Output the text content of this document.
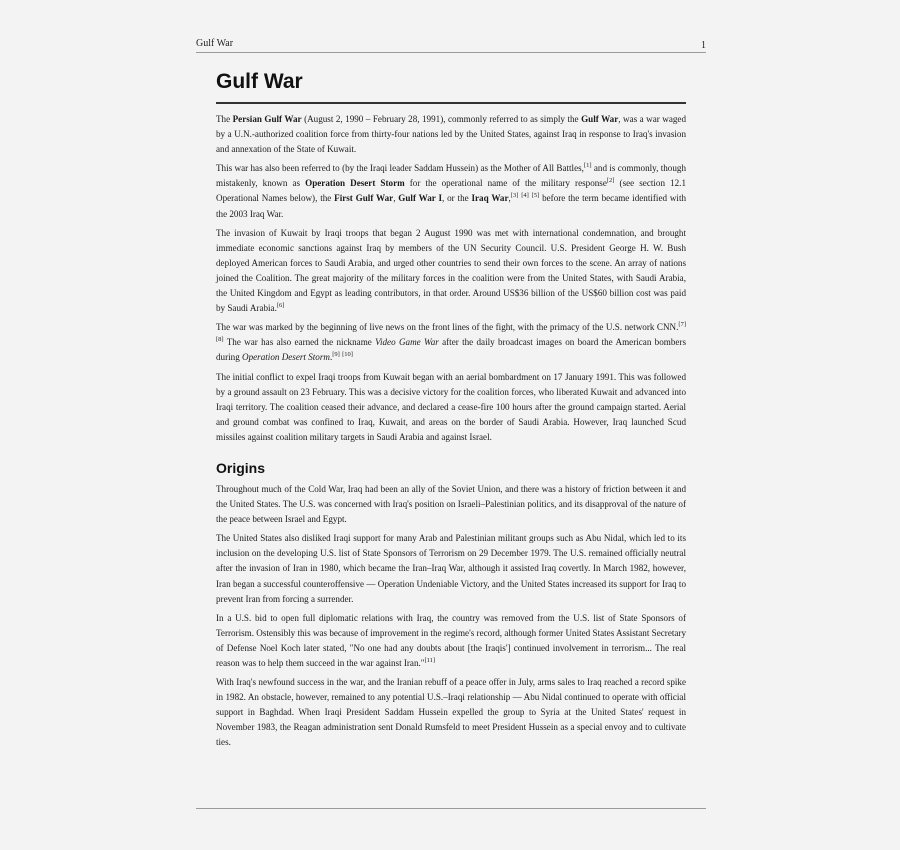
Gulf War	1
Gulf War

The Persian Gulf War (August 2, 1990 – February 28, 1991), commonly referred to as simply the Gulf War, was a war waged by a U.N.-authorized coalition force from thirty-four nations led by the United States, against Iraq in response to Iraq's invasion and annexation of the State of Kuwait.

This war has also been referred to (by the Iraqi leader Saddam Hussein) as the Mother of All Battles,[1] and is commonly, though mistakenly, known as Operation Desert Storm for the operational name of the military response[2] (see section 12.1 Operational Names below), the First Gulf War, Gulf War I, or the Iraq War,[3] [4] [5] before the term became identified with the 2003 Iraq War.

The invasion of Kuwait by Iraqi troops that began 2 August 1990 was met with international condemnation, and brought immediate economic sanctions against Iraq by members of the UN Security Council. U.S. President George H. W. Bush deployed American forces to Saudi Arabia, and urged other countries to send their own forces to the scene. An array of nations joined the Coalition. The great majority of the military forces in the coalition were from the United States, with Saudi Arabia, the United Kingdom and Egypt as leading contributors, in that order. Around US$36 billion of the US$60 billion cost was paid by Saudi Arabia.[6]

The war was marked by the beginning of live news on the front lines of the fight, with the primacy of the U.S. network CNN.[7] [8] The war has also earned the nickname Video Game War after the daily broadcast images on board the American bombers during Operation Desert Storm.[9] [10]

The initial conflict to expel Iraqi troops from Kuwait began with an aerial bombardment on 17 January 1991. This was followed by a ground assault on 23 February. This was a decisive victory for the coalition forces, who liberated Kuwait and advanced into Iraqi territory. The coalition ceased their advance, and declared a cease-fire 100 hours after the ground campaign started. Aerial and ground combat was confined to Iraq, Kuwait, and areas on the border of Saudi Arabia. However, Iraq launched Scud missiles against coalition military targets in Saudi Arabia and against Israel.

Origins

Throughout much of the Cold War, Iraq had been an ally of the Soviet Union, and there was a history of friction between it and the United States. The U.S. was concerned with Iraq's position on Israeli–Palestinian politics, and its disapproval of the nature of the peace between Israel and Egypt.

The United States also disliked Iraqi support for many Arab and Palestinian militant groups such as Abu Nidal, which led to its inclusion on the developing U.S. list of State Sponsors of Terrorism on 29 December 1979. The U.S. remained officially neutral after the invasion of Iran in 1980, which became the Iran–Iraq War, although it assisted Iraq covertly. In March 1982, however, Iran began a successful counteroffensive — Operation Undeniable Victory, and the United States increased its support for Iraq to prevent Iran from forcing a surrender.

In a U.S. bid to open full diplomatic relations with Iraq, the country was removed from the U.S. list of State Sponsors of Terrorism. Ostensibly this was because of improvement in the regime's record, although former United States Assistant Secretary of Defense Noel Koch later stated, "No one had any doubts about [the Iraqis'] continued involvement in terrorism... The real reason was to help them succeed in the war against Iran."[11]

With Iraq's newfound success in the war, and the Iranian rebuff of a peace offer in July, arms sales to Iraq reached a record spike in 1982. An obstacle, however, remained to any potential U.S.–Iraqi relationship — Abu Nidal continued to operate with official support in Baghdad. When Iraqi President Saddam Hussein expelled the group to Syria at the United States' request in November 1983, the Reagan administration sent Donald Rumsfeld to meet President Hussein as a special envoy and to cultivate ties.
